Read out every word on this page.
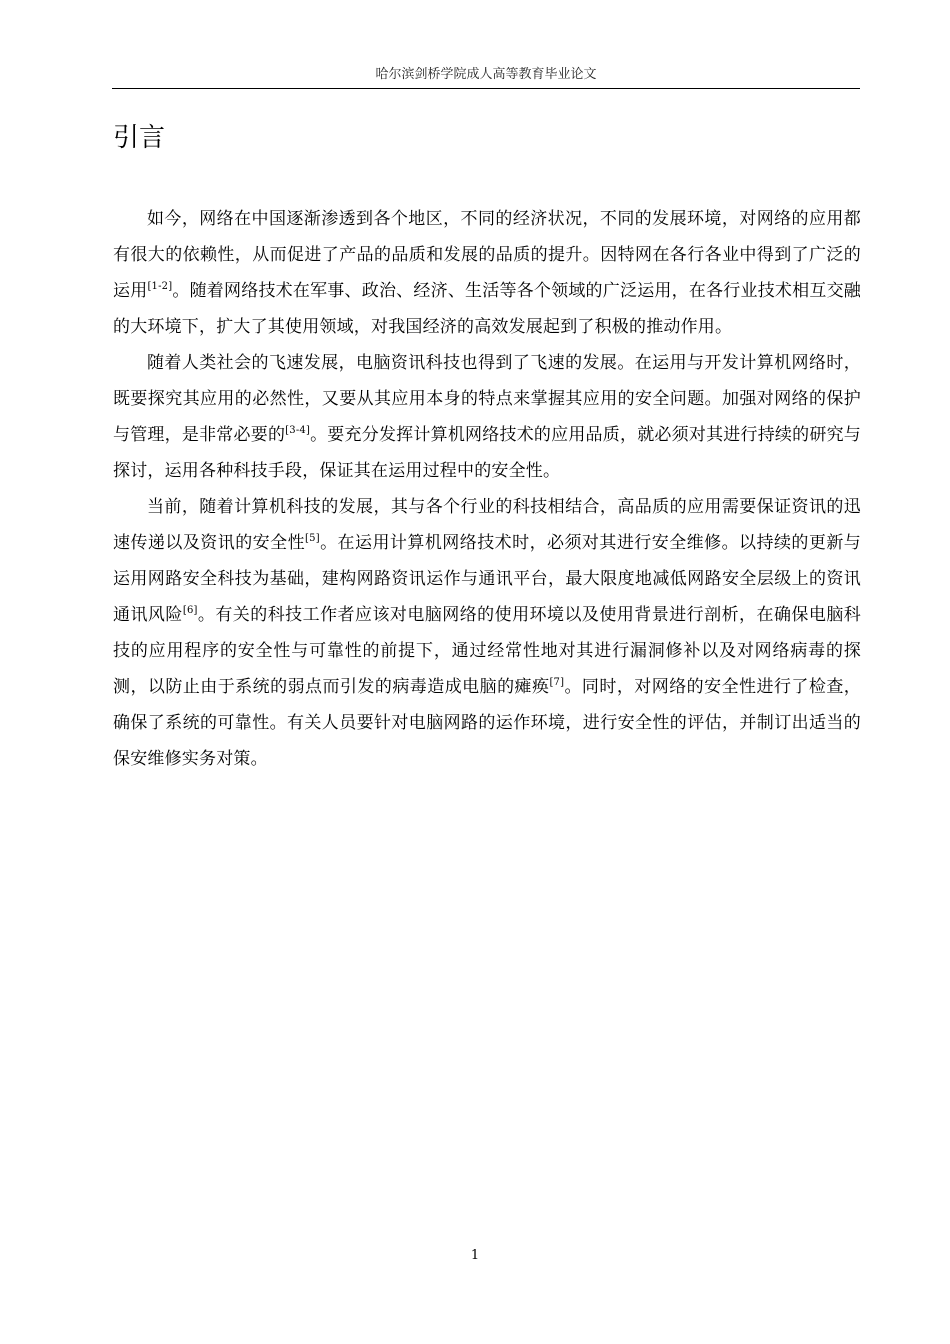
哈尔滨剑桥学院成人高等教育毕业论文
引言

如今，网络在中国逐渐渗透到各个地区，不同的经济状况，不同的发展环境，对网络的应用都有很大的依赖性，从而促进了产品的品质和发展的品质的提升。因特网在各行各业中得到了广泛的运用[1-2]。随着网络技术在军事、政治、经济、生活等各个领域的广泛运用，在各行业技术相互交融的大环境下，扩大了其使用领域，对我国经济的高效发展起到了积极的推动作用。

随着人类社会的飞速发展，电脑资讯科技也得到了飞速的发展。在运用与开发计算机网络时，既要探究其应用的必然性，又要从其应用本身的特点来掌握其应用的安全问题。加强对网络的保护与管理，是非常必要的[3-4]。要充分发挥计算机网络技术的应用品质，就必须对其进行持续的研究与探讨，运用各种科技手段，保证其在运用过程中的安全性。

当前，随着计算机科技的发展，其与各个行业的科技相结合，高品质的应用需要保证资讯的迅速传递以及资讯的安全性[5]。在运用计算机网络技术时，必须对其进行安全维修。以持续的更新与运用网路安全科技为基础，建构网路资讯运作与通讯平台，最大限度地减低网路安全层级上的资讯通讯风险[6]。有关的科技工作者应该对电脑网络的使用环境以及使用背景进行剖析，在确保电脑科技的应用程序的安全性与可靠性的前提下，通过经常性地对其进行漏洞修补以及对网络病毒的探测，以防止由于系统的弱点而引发的病毒造成电脑的瘫痪[7]。同时，对网络的安全性进行了检查，确保了系统的可靠性。有关人员要针对电脑网路的运作环境，进行安全性的评估，并制订出适当的保安维修实务对策。

1
